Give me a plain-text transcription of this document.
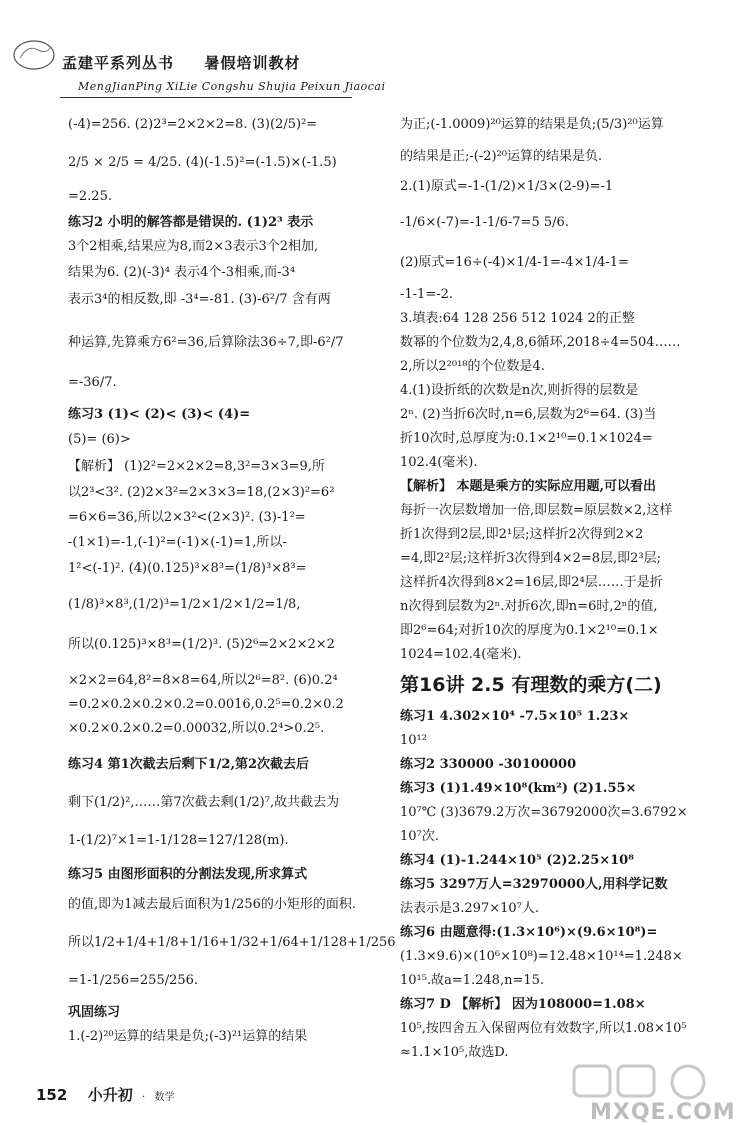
孟建平系列丛书 暑假培训教材
MengJianPing XiLie Congshu Shujia Peixun Jiaocai
(-4)=256. (2)2³=2×2×2=8. (3)(2/5)²=
2/5 × 2/5 = 4/25. (4)(-1.5)²=(-1.5)×(-1.5)
=2.25.
练习2 小明的解答都是错误的. (1)2³ 表示
3个2相乘,结果应为8,而2×3表示3个2相加,
结果为6. (2)(-3)⁴ 表示4个-3相乘,而-3⁴
表示3⁴的相反数,即 -3⁴=-81. (3)-6²/7 含有两
种运算,先算乘方6²=36,后算除法36÷7,即-6²/7
=-36/7.
练习3 (1)< (2)< (3)< (4)=
(5)= (6)>
【解析】 (1)2²=2×2×2=8,3²=3×3=9,所
以2³<3². (2)2×3²=2×3×3=18,(2×3)²=6²
=6×6=36,所以2×3²<(2×3)². (3)-1²=
-(1×1)=-1,(-1)²=(-1)×(-1)=1,所以-
1²<(-1)². (4)(0.125)³×8³=(1/8)³×8³=
(1/8)³×8³,(1/2)³=1/2×1/2×1/2=1/8,
所以(0.125)³×8³=(1/2)³. (5)2⁶=2×2×2×2
×2×2=64,8²=8×8=64,所以2⁶=8². (6)0.2⁴
=0.2×0.2×0.2×0.2=0.0016,0.2⁵=0.2×0.2
×0.2×0.2×0.2=0.00032,所以0.2⁴>0.2⁵.
练习4 第1次截去后剩下1/2,第2次截去后
剩下(1/2)²,……第7次截去剩(1/2)⁷,故共截去为
1-(1/2)⁷×1=1-1/128=127/128(m).
练习5 由图形面积的分割法发现,所求算式
的值,即为1减去最后面积为1/256的小矩形的面积.
所以1/2+1/4+1/8+1/16+1/32+1/64+1/128+1/256
=1-1/256=255/256.
巩固练习
1.(-2)²⁰运算的结果是负;(-3)²¹运算的结果
为正;(-1.0009)²⁰运算的结果是负;(5/3)²⁰运算
的结果是正;-(-2)²⁰运算的结果是负.
2.(1)原式=-1-(1/2)×1/3×(2-9)=-1
-1/6×(-7)=-1-1/6-7=5 5/6.
(2)原式=16÷(-4)×1/4-1=-4×1/4-1=
-1-1=-2.
3.填表:64 128 256 512 1024 2的正整
数幂的个位数为2,4,8,6循环,2018÷4=504……
2,所以2²⁰¹⁸的个位数是4.
4.(1)设折纸的次数是n次,则折得的层数是
2ⁿ. (2)当折6次时,n=6,层数为2⁶=64. (3)当
折10次时,总厚度为:0.1×2¹⁰=0.1×1024=
102.4(毫米).
【解析】 本题是乘方的实际应用题,可以看出
每折一次层数增加一倍,即层数=原层数×2,这样
折1次得到2层,即2¹层;这样折2次得到2×2
=4,即2²层;这样折3次得到4×2=8层,即2³层;
这样折4次得到8×2=16层,即2⁴层……于是折
n次得到层数为2ⁿ.对折6次,即n=6时,2ⁿ的值,
即2⁶=64;对折10次的厚度为0.1×2¹⁰=0.1×
1024=102.4(毫米).
第16讲 2.5 有理数的乘方(二)
练习1 4.302×10⁴ -7.5×10⁵ 1.23×
10¹²
练习2 330000 -30100000
练习3 (1)1.49×10⁸(km²) (2)1.55×
10⁷℃ (3)3679.2万次=36792000次=3.6792×
10⁷次.
练习4 (1)-1.244×10⁵ (2)2.25×10⁸
练习5 3297万人=32970000人,用科学记数
法表示是3.297×10⁷人.
练习6 由题意得:(1.3×10⁶)×(9.6×10⁸)=
(1.3×9.6)×(10⁶×10⁸)=12.48×10¹⁴=1.248×
10¹⁵.故a=1.248,n=15.
练习7 D 【解析】 因为108000=1.08×
10⁵,按四舍五入保留两位有效数字,所以1.08×10⁵
≈1.1×10⁵,故选D.
152 小升初 · 数学
MXQE.COM
